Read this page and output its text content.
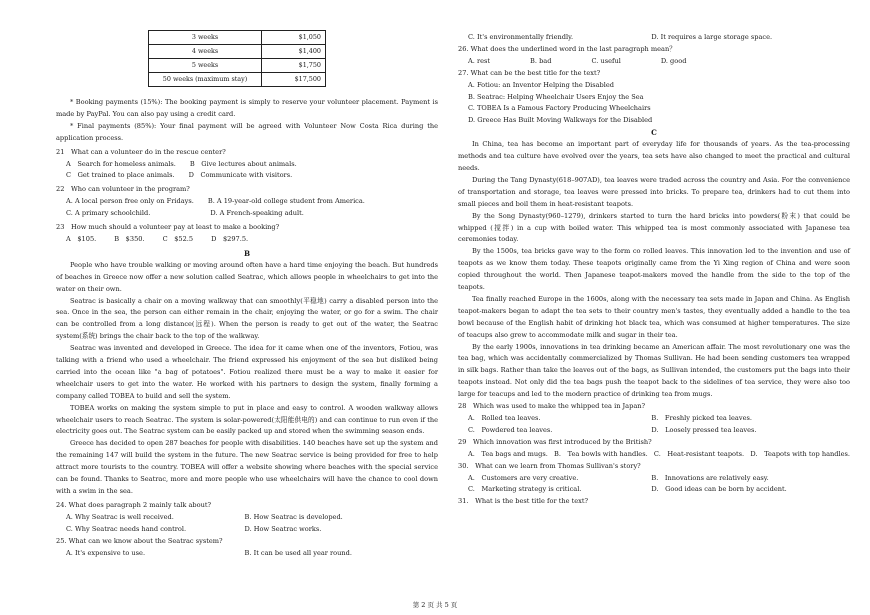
3 weeks	$1,050
4 weeks	$1,400
5 weeks	$1,750
50 weeks (maximum stay)	$17,500

* Booking payments (15%): The booking payment is simply to reserve your volunteer placement. Payment is made by PayPal. You can also pay using a credit card.

* Final payments (85%): Your final payment will be agreed with Volunteer Now Costa Rica during the application process.

21　What can a volunteer do in the rescue center?

A　Search for homeless animals. B　Give lectures about animals.
C　Get trained to place animals. D　Communicate with visitors.

22　Who can volunteer in the program?

A. A local person free only on Fridays. B. A 19-year-old college student from America.
C. A primary schoolchild.	D. A French-speaking adult.

23　How much should a volunteer pay at least to make a booking?

A　$105.	B　$350.	C　$52.5	D　$297.5.

B

People who have trouble walking or moving around often have a hard time enjoying the beach. But hundreds of beaches in Greece now offer a new solution called Seatrac, which allows people in wheelchairs to get into the water on their own.

Seatrac is basically a chair on a moving walkway that can smoothly(平稳地) carry a disabled person into the sea. Once in the sea, the person can either remain in the chair, enjoying the water, or go for a swim. The chair can be controlled from a long distance(远程). When the person is ready to get out of the water, the Seatrac system(系统) brings the chair back to the top of the walkway.

Seatrac was invented and developed in Greece. The idea for it came when one of the inventors, Fotiou, was talking with a friend who used a wheelchair. The friend expressed his enjoyment of the sea but disliked being carried into the ocean like "a bag of potatoes". Fotiou realized there must be a way to make it easier for wheelchair users to get into the water. He worked with his partners to design the system, finally forming a company called TOBEA to build and sell the system.

TOBEA works on making the system simple to put in place and easy to control. A wooden walkway allows wheelchair users to reach Seatrac. The system is solar-powered(太阳能供电的) and can continue to run even if the electricity goes out. The Seatrac system can be easily packed up and stored when the swimming season ends.

Greece has decided to open 287 beaches for people with disabilities. 140 beaches have set up the system and the remaining 147 will build the system in the future. The new Seatrac service is being provided for free to help attract more tourists to the country. TOBEA will offer a website showing where beaches with the special service can be found. Thanks to Seatrac, more and more people who use wheelchairs will have the chance to cool down with a swim in the sea.

24. What does paragraph 2 mainly talk about?

A. Why Seatrac is well received.	B. How Seatrac is developed.
C. Why Seatrac needs hand control.	D. How Seatrac works.

25. What can we know about the Seatrac system?

A. It's expensive to use.	B. It can be used all year round.
C. It's environmentally friendly.	D. It requires a large storage space.

26. What does the underlined word in the last paragraph mean？

A. rest	B. bad	C. useful	D. good

27. What can be the best title for the text?

A. Fotiou: an Inventor Helping the Disabled
B. Seatrac: Helping Wheelchair Users Enjoy the Sea
C. TOBEA Is a Famous Factory Producing Wheelchairs
D. Greece Has Built Moving Walkways for the Disabled

C

In China, tea has become an important part of everyday life for thousands of years. As the tea-processing methods and tea culture have evolved over the years, tea sets have also changed to meet the practical and cultural needs.

During the Tang Dynasty(618–907AD), tea leaves were traded across the country and Asia. For the convenience of transportation and storage, tea leaves were pressed into bricks. To prepare tea, drinkers had to cut them into small pieces and boil them in heat-resistant teapots.

By the Song Dynasty(960–1279), drinkers started to turn the hard bricks into powders(粉末) that could be whipped (搅拌) in a cup with boiled water. This whipped tea is most commonly associated with Japanese tea ceremonies today.

By the 1500s, tea bricks gave way to the form co rolled leaves. This innovation led to the invention and use of teapots as we know them today. These teapots originally came from the Yi Xing region of China and were soon copied throughout the world. Then Japanese teapot-makers moved the handle from the side to the top of the teapots.

Tea finally reached Europe in the 1600s, along with the necessary tea sets made in Japan and China. As English teapot-makers began to adapt the tea sets to their country men's tastes, they eventually added a handle to the tea bowl because of the English habit of drinking hot black tea, which was consumed at higher temperatures. The size of teacups also grew to accommodate milk and sugar in their tea.

By the early 1900s, innovations in tea drinking became an American affair. The most revolutionary one was the tea bag, which was accidentally commercialized by Thomas Sullivan. He had been sending customers tea wrapped in silk bags. Rather than take the leaves out of the bags, as Sullivan intended, the customers put the bags into their teapots instead. Not only did the tea bags push the teapot back to the sidelines of tea service, they were also too large for teacups and led to the modern practice of drinking tea from mugs.

28　Which was used to make the whipped tea in Japan?

A.　Rolled tea leaves.	B.　Freshly picked tea leaves.
C.　Powdered tea leaves.	D.　Loosely pressed tea leaves.

29　Which innovation was first introduced by the British?

A.　Tea bags and mugs. B.　Tea bowls with handles. C.　Heat-resistant teapots. D.　Teapots with top handles.

30.　What can we learn from Thomas Sullivan's story?

A.　Customers are very creative.	B.　Innovations are relatively easy.
C.　Marketing strategy is critical.	D.　Good ideas can be born by accident.

31.　What is the best title for the text?

第 2 页 共 5 页
